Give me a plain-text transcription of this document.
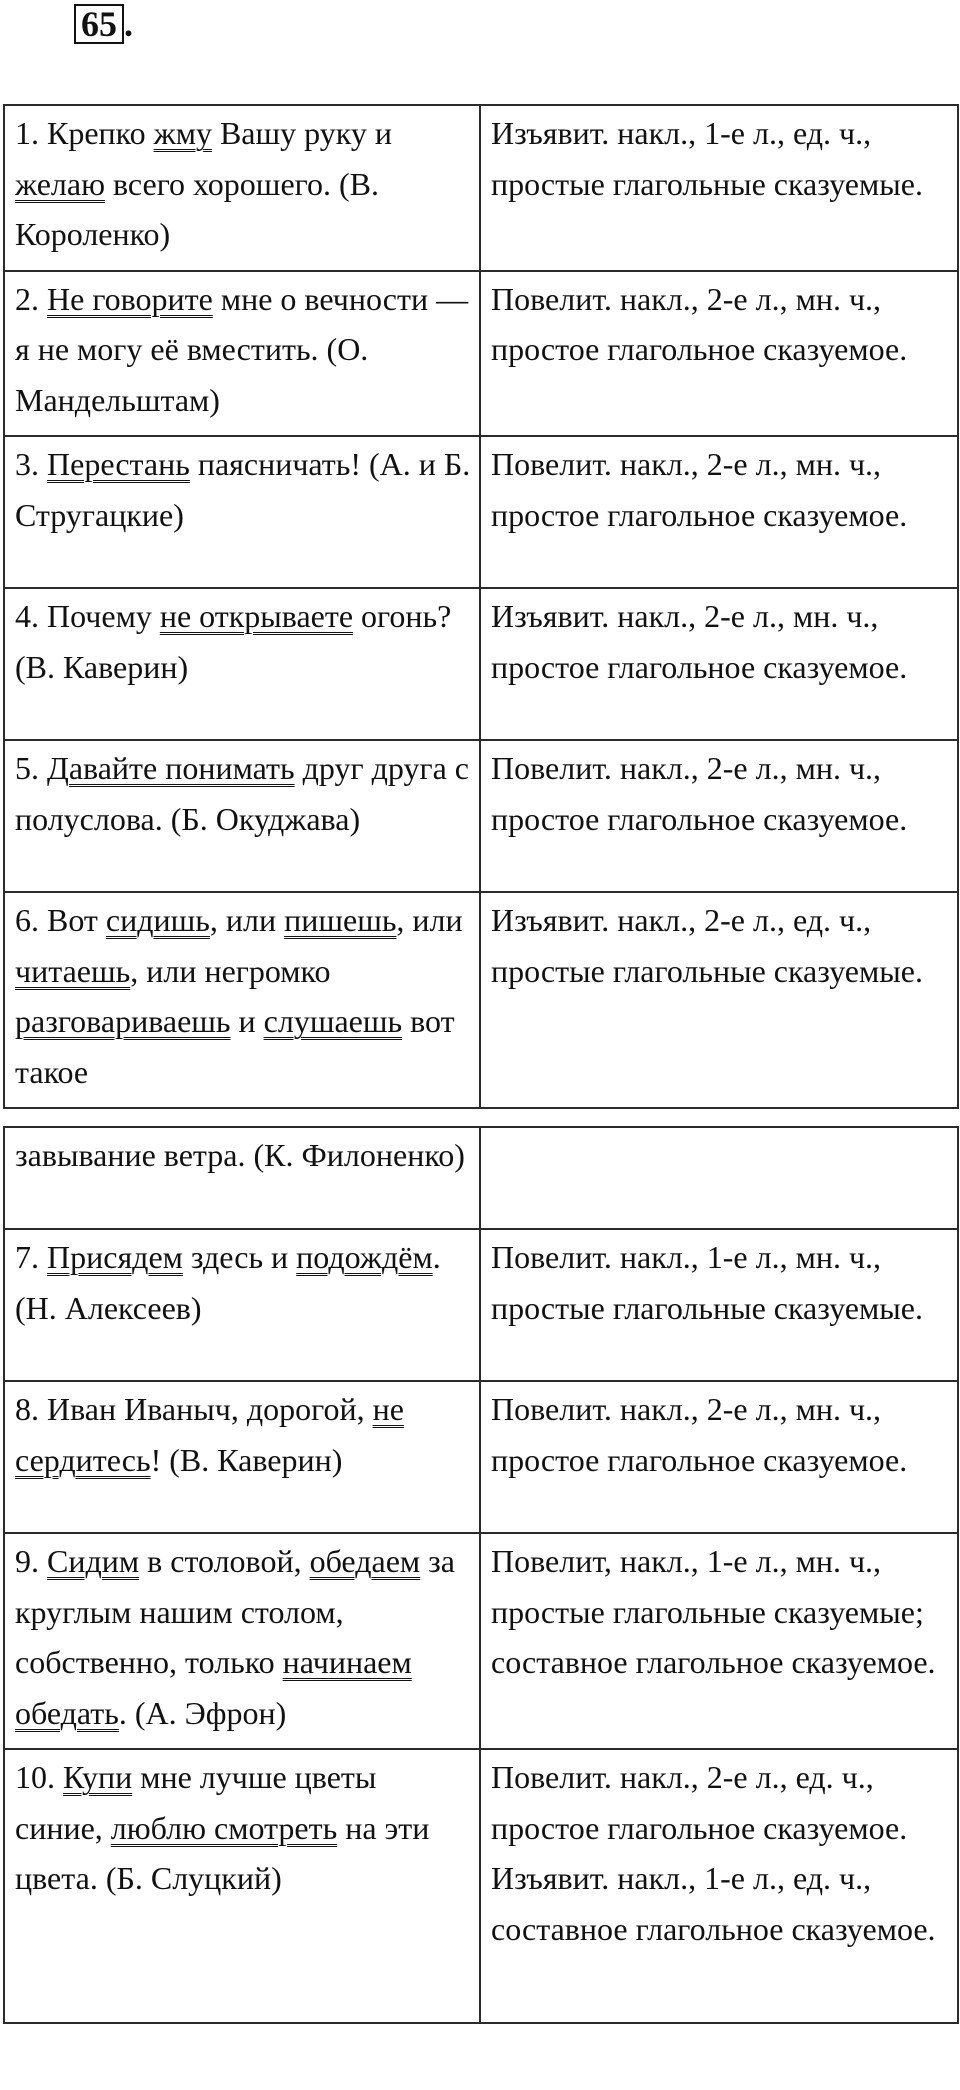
65 .
1. Крепко жму Вашу руку и желаю всего хорошего. (В. Короленко)	Изъявит. накл., 1-е л., ед. ч., простые глагольные сказуемые.

2. Не говорите мне о вечности — я не могу её вместить. (О. Мандельштам)	Повелит. накл., 2-е л., мн. ч., простое глагольное сказуемое.

3. Перестань паясничать! (А. и Б. Стругацкие)	Повелит. накл., 2-е л., мн. ч., простое глагольное сказуемое.

4. Почему не открываете огонь? (В. Каверин)	Изъявит. накл., 2-е л., мн. ч., простое глагольное сказуемое.

5. Давайте понимать друг друга с полуслова. (Б. Окуджава)	Повелит. накл., 2-е л., мн. ч., простое глагольное сказуемое.

6. Вот сидишь, или пишешь, или читаешь, или негромко разговариваешь и слушаешь вот такое	Изъявит. накл., 2-е л., ед. ч., простые глагольные сказуемые.
завывание ветра. (К. Филоненко)	
7. Присядем здесь и подождём. (Н. Алексеев)	Повелит. накл., 1-е л., мн. ч., простые глагольные сказуемые.

8. Иван Иваныч, дорогой, не сердитесь! (В. Каверин)	Повелит. накл., 2-е л., мн. ч., простое глагольное сказуемое.

9. Сидим в столовой, обедаем за круглым нашим столом, собственно, только начинаем обедать. (А. Эфрон)	Повелит, накл., 1-е л., мн. ч., простые глагольные сказуемые; составное глагольное сказуемое.

10. Купи мне лучше цветы синие, люблю смотреть на эти цвета. (Б. Слуцкий)	Повелит. накл., 2-е л., ед. ч., простое глагольное сказуемое.
Изъявит. накл., 1-е л., ед. ч., составное глагольное сказуемое.
